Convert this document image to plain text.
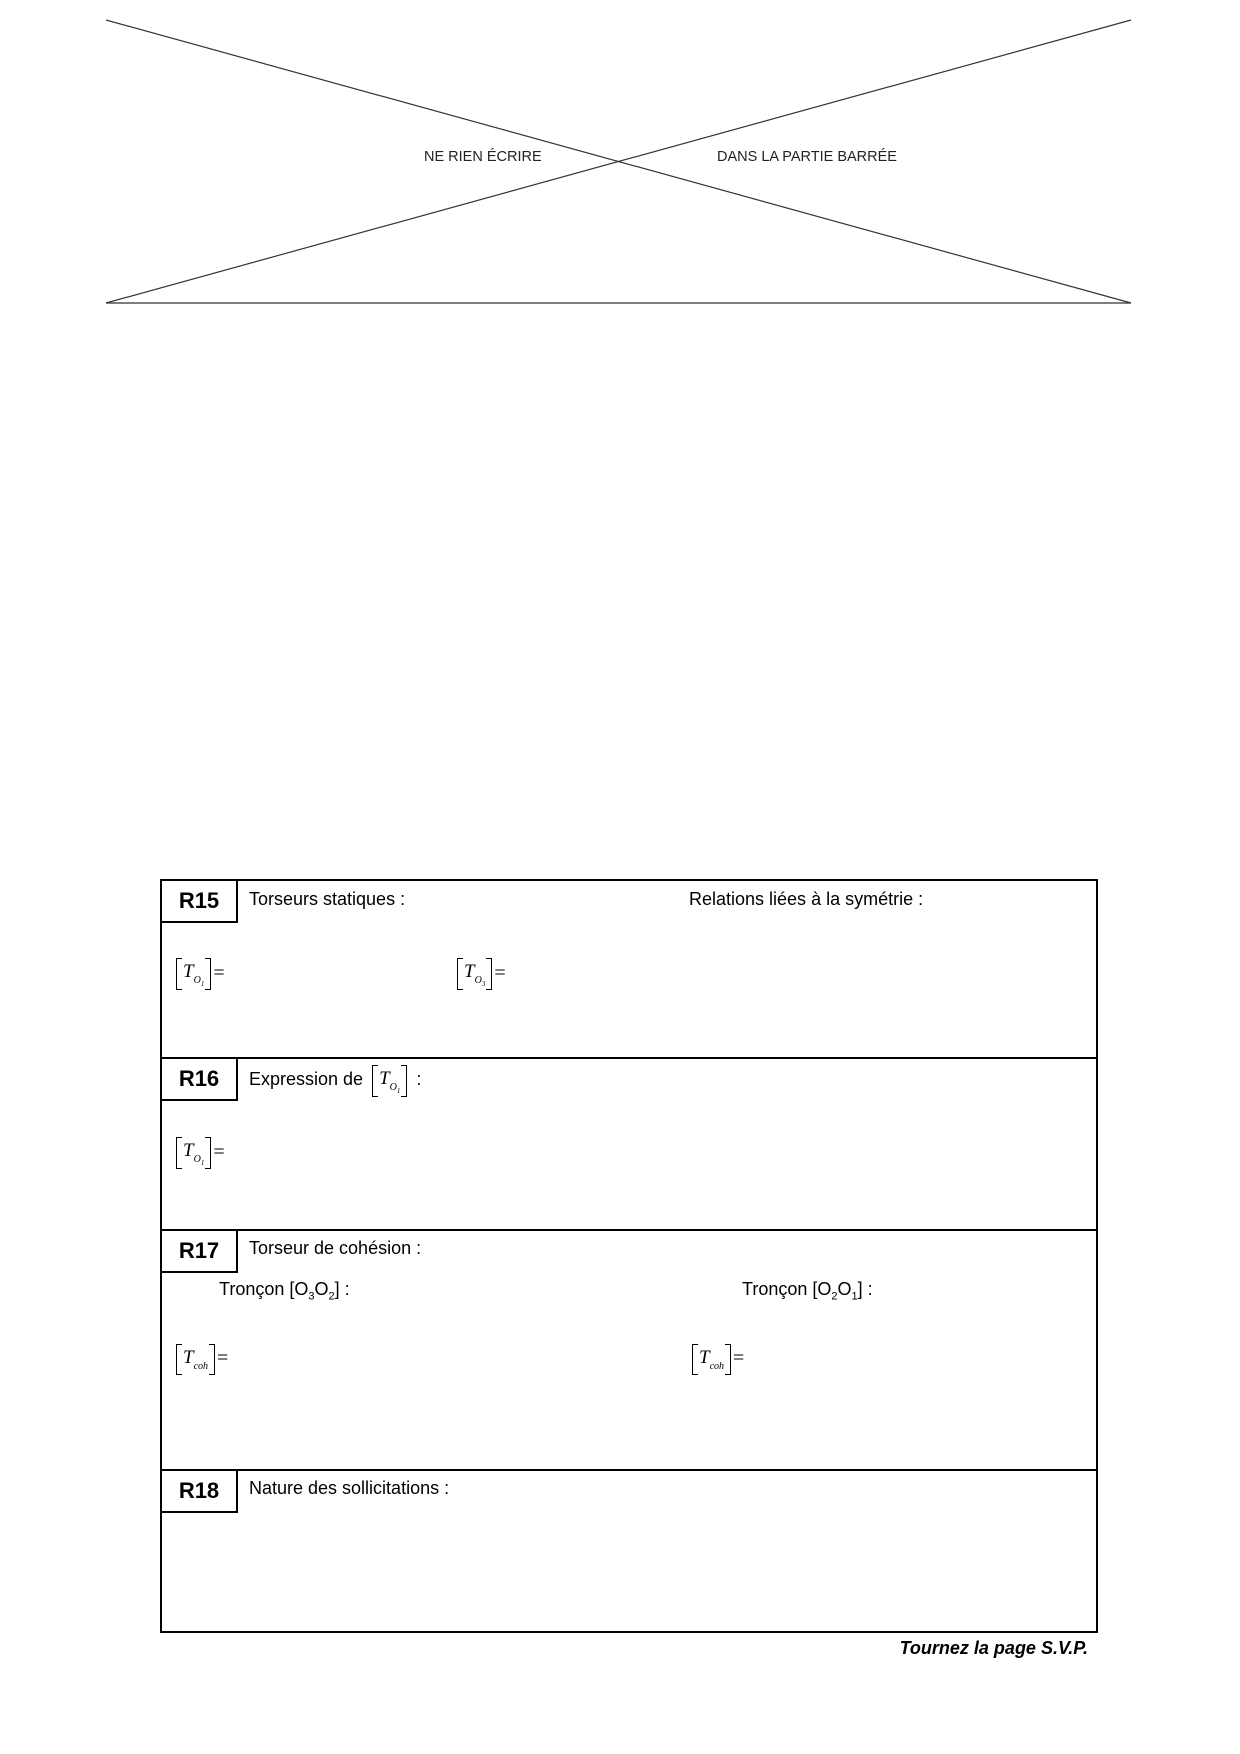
NE RIEN ÉCRIRE	DANS LA PARTIE BARRÉE
R15	Torseurs statiques :	Relations liées à la symétrie :
$T_{O_1}=$	$T_{O_3}=$
R16	Expression de $T_{O_1}$ :
$T_{O_1}=$
R17	Torseur de cohésion :
Tronçon $[O_3O_2]$ :	Tronçon $[O_2O_1]$ :
$T_{coh}$ =	$T_{coh}$ =
R18	Nature des sollicitations :
Tournez la page S.V.P.
